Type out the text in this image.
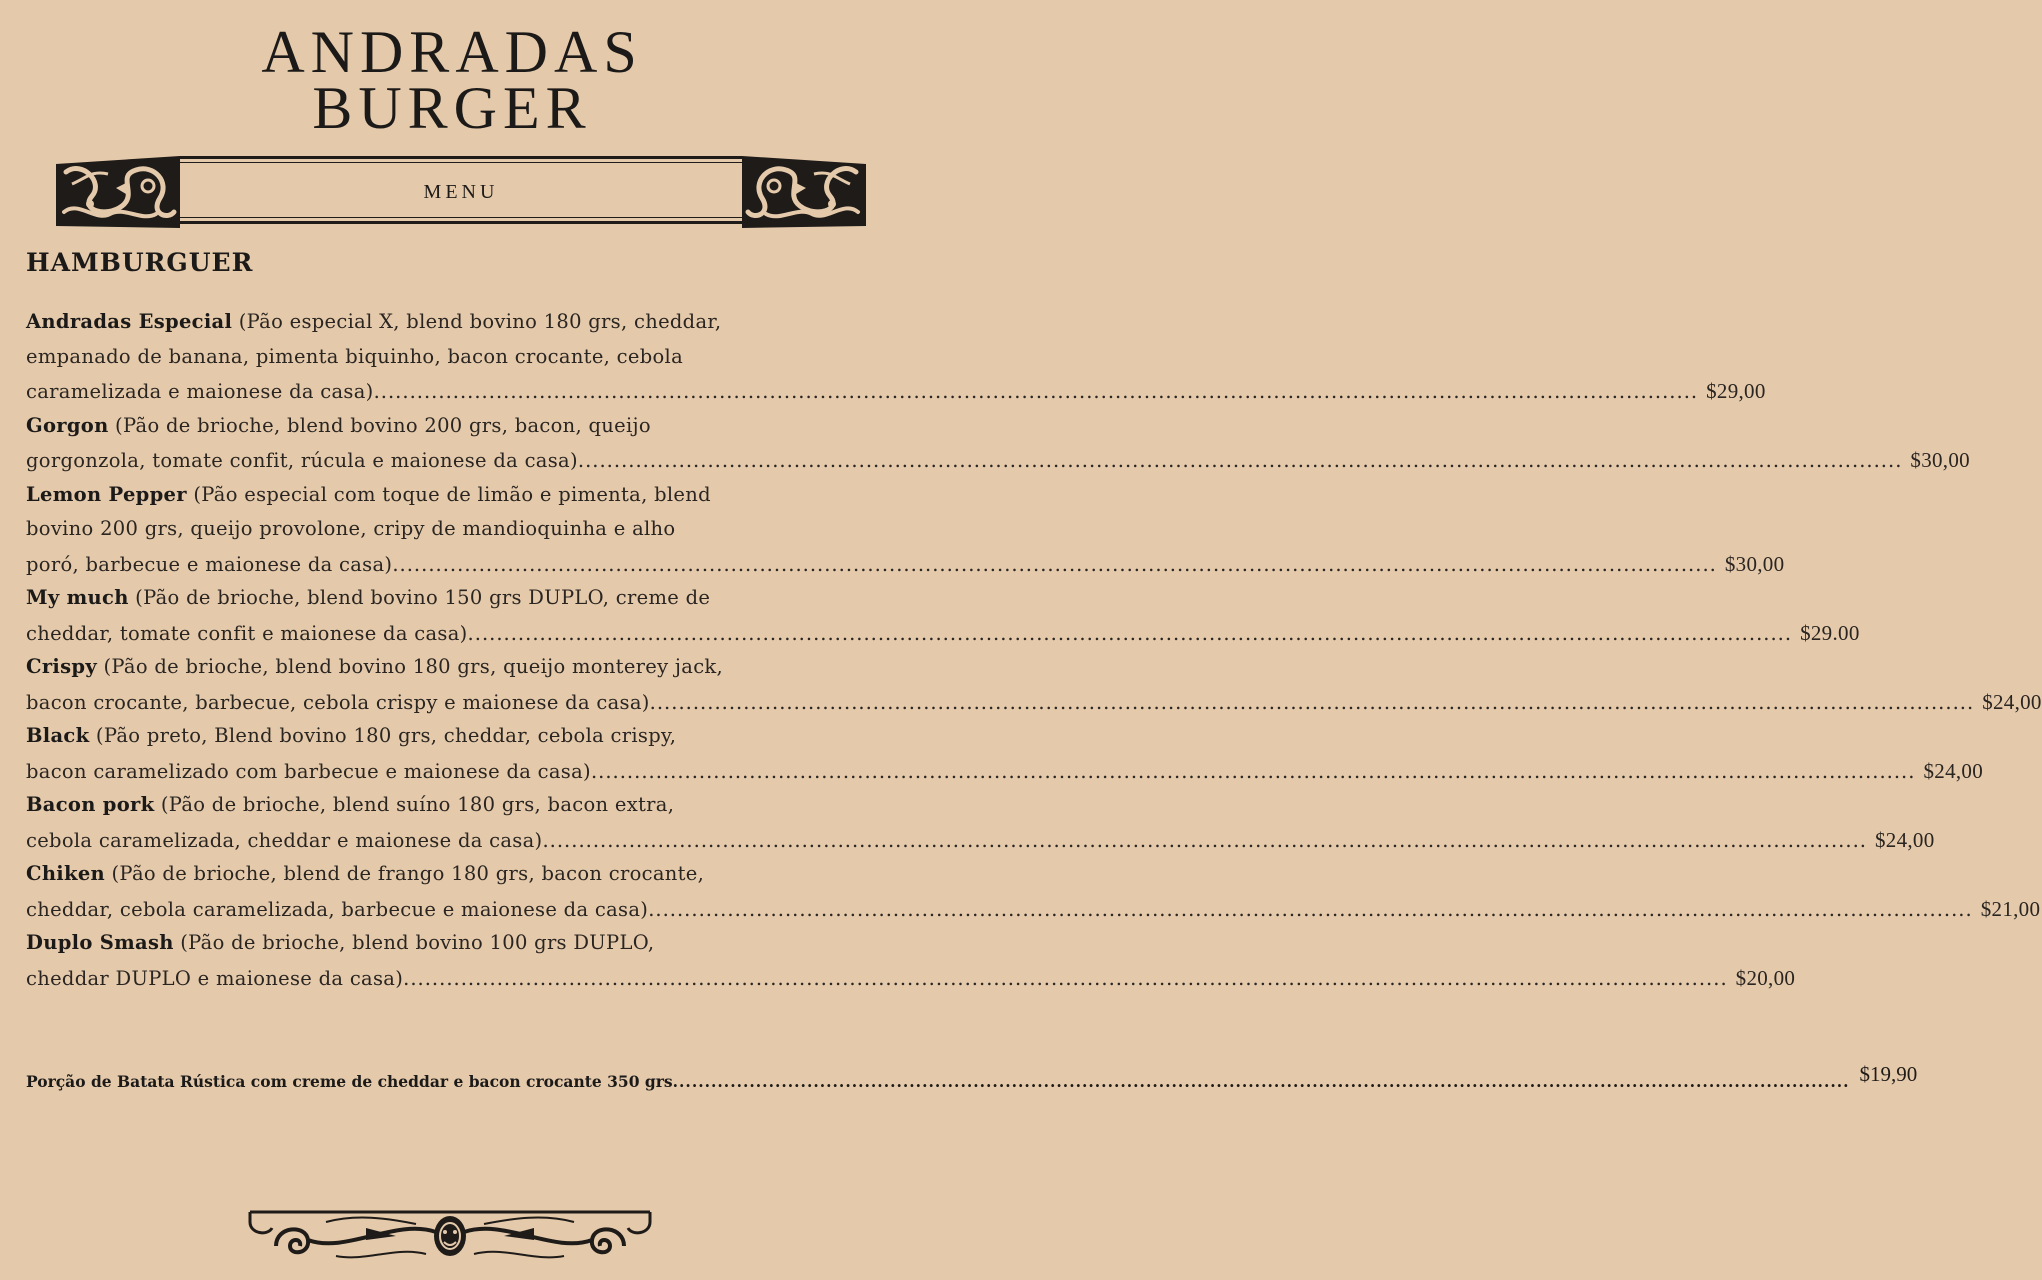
ANDRADAS
BURGER
MENU
HAMBURGUER
Andradas Especial (Pão especial X, blend bovino 180 grs, cheddar,
empanado de banana, pimenta biquinho, bacon crocante, cebola
caramelizada e maionese da casa) ........................................................................................................................................................................................ $29,00
Gorgon (Pão de brioche, blend bovino 200 grs, bacon, queijo
gorgonzola, tomate confit, rúcula e maionese da casa) ........................................................................................................................................................................................ $30,00
Lemon Pepper (Pão especial com toque de limão e pimenta, blend
bovino 200 grs, queijo provolone, cripy de mandioquinha e alho
poró, barbecue e maionese da casa) ........................................................................................................................................................................................ $30,00
My much (Pão de brioche, blend bovino 150 grs DUPLO, creme de
cheddar, tomate confit e maionese da casa) ........................................................................................................................................................................................ $29.00
Crispy (Pão de brioche, blend bovino 180 grs, queijo monterey jack,
bacon crocante, barbecue, cebola crispy e maionese da casa) ........................................................................................................................................................................................ $24,00
Black (Pão preto, Blend bovino 180 grs, cheddar, cebola crispy,
bacon caramelizado com barbecue e maionese da casa) ........................................................................................................................................................................................ $24,00
Bacon pork (Pão de brioche, blend suíno 180 grs, bacon extra,
cebola caramelizada, cheddar e maionese da casa) ........................................................................................................................................................................................ $24,00
Chiken (Pão de brioche, blend de frango 180 grs, bacon crocante,
cheddar, cebola caramelizada, barbecue e maionese da casa) ........................................................................................................................................................................................ $21,00
Duplo Smash (Pão de brioche, blend bovino 100 grs DUPLO,
cheddar DUPLO e maionese da casa) ........................................................................................................................................................................................ $20,00
Porção de Batata Rústica com creme de cheddar e bacon crocante 350 grs ........................................................................................................................................................................................ $19,90
